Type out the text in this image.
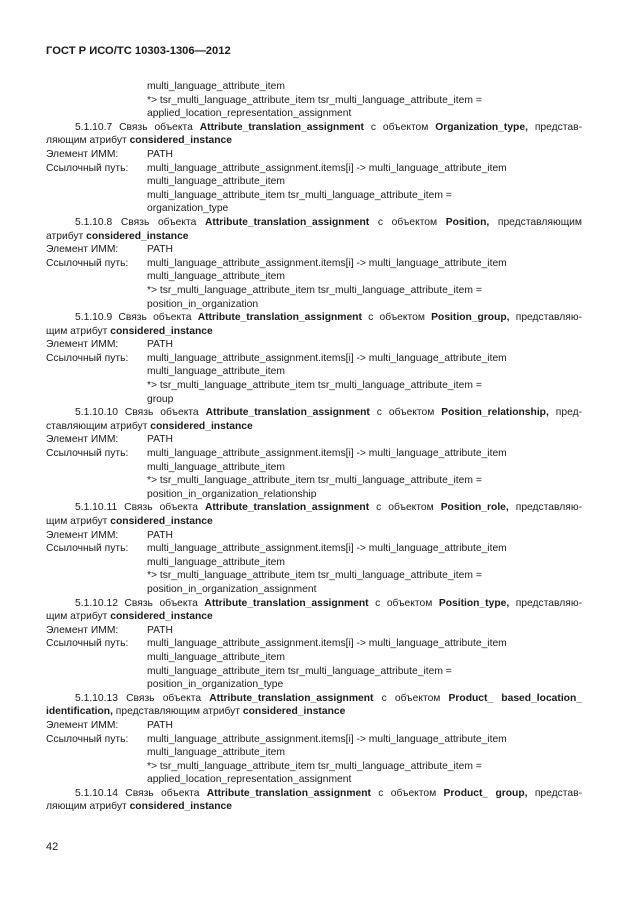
ГОСТ Р ИСО/ТС 10303-1306—2012
multi_language_attribute_item
*> tsr_multi_language_attribute_item tsr_multi_language_attribute_item =
applied_location_representation_assignment
5.1.10.7 Связь объекта Attribute_translation_assignment с объектом Organization_type, представ-
ляющим атрибут considered_instance
Элемент ИММ:	PATH
Ссылочный путь:	multi_language_attribute_assignment.items[i] -> multi_language_attribute_item
multi_language_attribute_item
multi_language_attribute_item tsr_multi_language_attribute_item =
organization_type
5.1.10.8 Связь объекта Attribute_translation_assignment с объектом Position, представляющим
атрибут considered_instance
Элемент ИММ:	PATH
Ссылочный путь:	multi_language_attribute_assignment.items[i] -> multi_language_attribute_item
multi_language_attribute_item
*> tsr_multi_language_attribute_item tsr_multi_language_attribute_item =
position_in_organization
5.1.10.9 Связь объекта Attribute_translation_assignment с объектом Position_group, представляю-
щим атрибут considered_instance
Элемент ИММ:	PATH
Ссылочный путь:	multi_language_attribute_assignment.items[i] -> multi_language_attribute_item
multi_language_attribute_item
*> tsr_multi_language_attribute_item tsr_multi_language_attribute_item =
group
5.1.10.10 Связь объекта Attribute_translation_assignment с объектом Position_relationship, пред-
ставляющим атрибут considered_instance
Элемент ИММ:	PATH
Ссылочный путь:	multi_language_attribute_assignment.items[i] -> multi_language_attribute_item
multi_language_attribute_item
*> tsr_multi_language_attribute_item tsr_multi_language_attribute_item =
position_in_organization_relationship
5.1.10.11 Связь объекта Attribute_translation_assignment с объектом Position_role, представляю-
щим атрибут considered_instance
Элемент ИММ:	PATH
Ссылочный путь:	multi_language_attribute_assignment.items[i] -> multi_language_attribute_item
multi_language_attribute_item
*> tsr_multi_language_attribute_item tsr_multi_language_attribute_item =
position_in_organization_assignment
5.1.10.12 Связь объекта Attribute_translation_assignment с объектом Position_type, представляю-
щим атрибут considered_instance
Элемент ИММ:	PATH
Ссылочный путь:	multi_language_attribute_assignment.items[i] -> multi_language_attribute_item
multi_language_attribute_item
multi_language_attribute_item tsr_multi_language_attribute_item =
position_in_organization_type
5.1.10.13 Связь объекта Attribute_translation_assignment с объектом Product_ based_location_
identification, представляющим атрибут considered_instance
Элемент ИММ:	PATH
Ссылочный путь:	multi_language_attribute_assignment.items[i] -> multi_language_attribute_item
multi_language_attribute_item
*> tsr_multi_language_attribute_item tsr_multi_language_attribute_item =
applied_location_representation_assignment
5.1.10.14 Связь объекта Attribute_translation_assignment с объектом Product_ group, представ-
ляющим атрибут considered_instance
42
